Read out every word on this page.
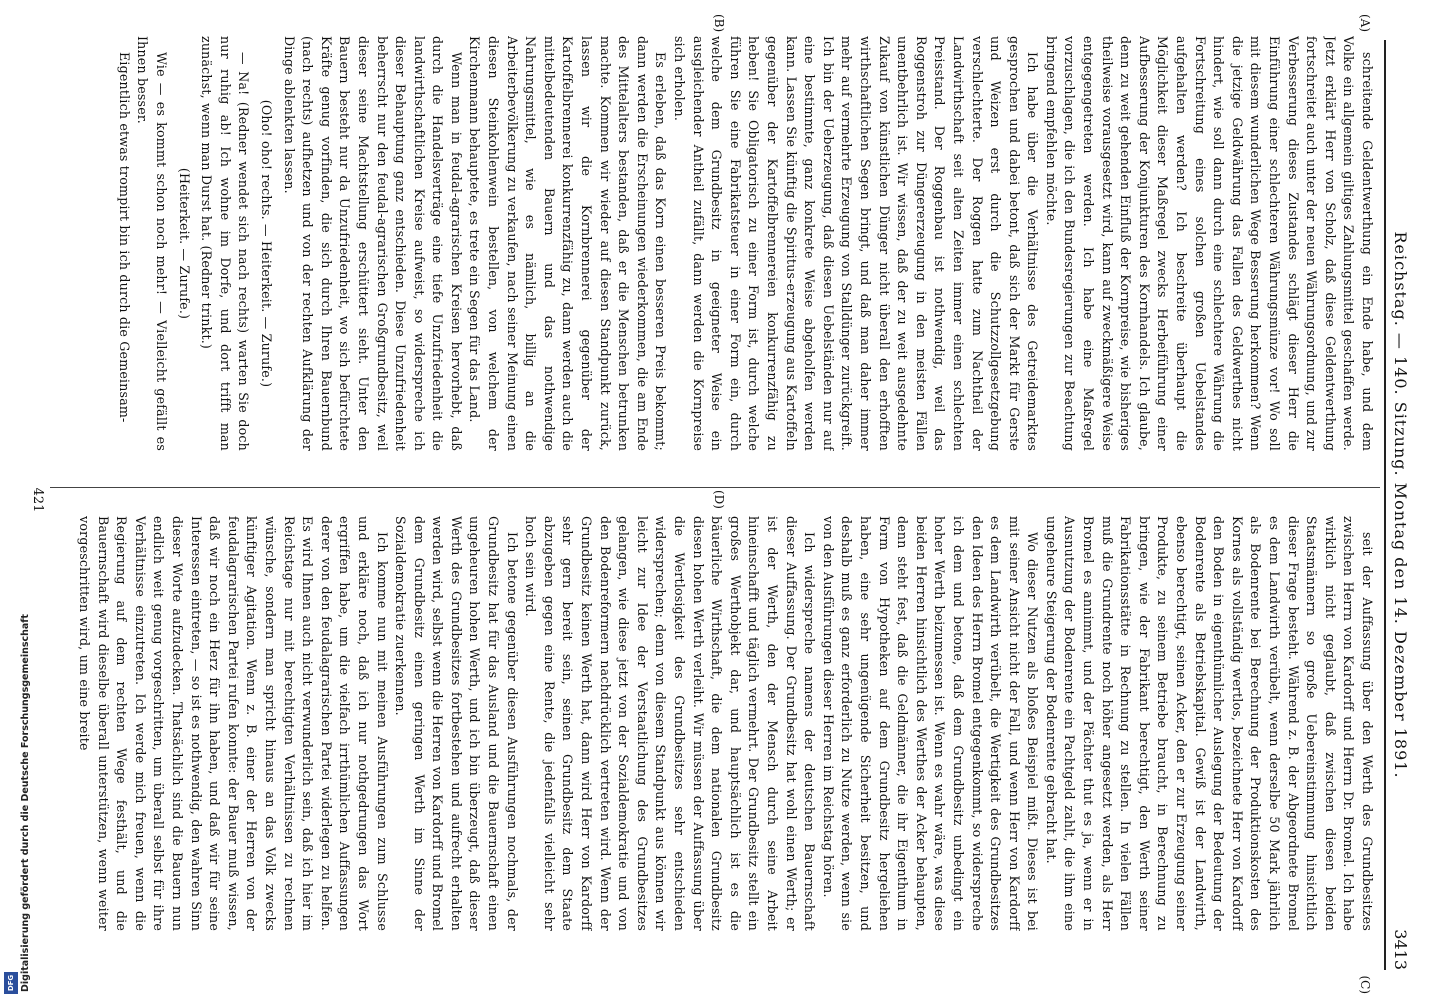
Reichstag. — 140. Sitzung. Montag den 14. Dezember 1891.
3413
(A)
(B)
(C)
(D)

schreitende Geldentwerthung ein Ende habe, und dem Volke ein allgemein giltiges Zahlungsmittel geschaffen werde. Jetzt erklärt Herr von Scholz, daß diese Geldentwerthung fortschreitet auch unter der neuen Währungsordnung, und zur Verbesserung dieses Zustandes schlägt dieser Herr die Einführung einer schlechteren Währungsmünze vor! Wo soll mit diesem wunderlichen Wege Besserung herkommen? Wenn die jetzige Geldwährung das Fallen des Geldwerthes nicht hindert, wie soll dann durch eine schlechtere Währung die Fortschreitung eines solchen großen Uebelstandes aufgehalten werden? Ich beschreite überhaupt die Möglichkeit dieser Maßregel zwecks Herbeiführung einer Aufbesserung der Konjunkturen des Kornhandels. Ich glaube, denn zu weit gehenden Einfluß der Kornpreise, wie bisheriges theilweise vorausgesetzt wird, kann auf zweckmäßigere Weise entgegengetreten werden. Ich habe eine Maßregel vorzuschlagen, die ich den Bundesregierungen zur Beachtung bringend empfehlen möchte.

Ich habe über die Verhältnisse des Getreidemarktes gesprochen und dabei betont, daß sich der Markt für Gerste und Weizen erst durch die Schutzzollgesetzgebung verschlechterte. Der Roggen hatte zum Nachtheil der Landwirthschaft seit alten Zeiten immer einen schlechten Preisstand. Der Roggenbau ist nothwendig, weil das Roggenstroh zur Düngererzeugung in den meisten Fällen unentbehrlich ist. Wir wissen, daß der zu weit ausgedehnte Zukauf von künstlichen Dünger nicht überall den erhofften wirthschaftlichen Segen bringt, und daß man daher immer mehr auf vermehrte Erzeugung von Stalldünger zurückgreift. Ich bin der Ueberzeugung, daß diesen Uebelständen nur auf eine bestimmte, ganz konkrete Weise abgeholfen werden kann. Lassen Sie künftig die Spiritus-erzeugung aus Kartoffeln gegenüber der Kartoffelbrennereien konkurrenzfähig zu heben! Sie Obligatorisch zu einer Form ist, durch welche führen Sie eine Fabrikatsteuer in einer Form ein, durch welche dem Grundbesitz in geeigneter Weise ein ausgleichender Antheil zufällt, dann werden die Kornpreise sich erholen.

Es erleben, daß das Korn einen besseren Preis bekommt; dann werden die Erscheinungen wiederkommen, die am Ende des Mittelalters bestanden, daß er die Menschen betrunken machte. Kommen wir wieder auf diesen Standpunkt zurück, lassen wir die Kornbrennerei gegenüber der Kartoffelbrennerei konkurrenzfähig zu, dann werden auch die mittelbedeutenden Bauern und das nothwendige Nahrungsmittel, wie es nämlich, billig an die Arbeiterbevölkerung zu verkaufen, nach seiner Meinung einen diesen Steinkohlenwein bestellen, von welchem der Kirchenmann behauptete, es trete ein Segen für das Land.

Wenn man in feudal-agrarischen Kreisen hervorhebt, daß durch die Handelsverträge eine tiefe Unzufriedenheit die landwirthschaftlichen Kreise aufweist, so widerspreche ich dieser Behauptung ganz entschieden. Diese Unzufriedenheit beherrscht nur den feudal-agrarischen Großgrundbesitz, weil dieser seine Machtstellung erschüttert sieht. Unter den Bauern besteht nur da Unzufriedenheit, wo sich befürchtete Kräfte genug vorfinden, die sich durch Ihren Bauernbund (nach rechts) aufhetzen und von der rechten Aufklärung der Dinge ablenkten lassen.

(Oho! oho! rechts. — Heiterkeit. — Zurufe.)

— Na! (Redner wendet sich nach rechts) warten Sie doch nur ruhig ab! Ich wohne im Dorfe, und dort trifft man zunächst, wenn man Durst hat. (Redner trinkt.)

(Heiterkeit. — Zurufe.)

Wie — es kommt schon noch mehr! — Vielleicht gefällt es Ihnen besser.

Eigentlich etwas trompirt bin ich durch die Gemeinsam-

seit der Auffassung über den Werth des Grundbesitzes zwischen Herrn von Kardorff und Herrn Dr. Bromel. Ich habe wirklich nicht geglaubt, daß zwischen diesen beiden Staatsmännern so große Uebereinstimmung hinsichtlich dieser Frage besteht. Während z. B. der Abgeordnete Bromel es dem Landwirth verübelt, wenn derselbe 50 Mark jährlich als Bodenrente bei Berechnung der Produktionskosten des Kornes als vollständig wertlos, bezeichnete Herr von Kardorff den Boden in eigenthümlicher Auslegung der Bedeutung der Bodenrente als Betriebskapital. Gewiß ist der Landwirth, ebenso berechtigt, seinen Acker, den er zur Erzeugung seiner Produkte, zu seinem Betriebe braucht, in Berechnung zu bringen, wie der Fabrikant berechtigt, den Werth seiner Fabrikationsstätte in Rechnung zu stellen. In vielen Fällen muß die Grundrente noch höher angesetzt werden, als Herr Bromel es annimmt, und der Pächter thut es ja, wenn er in Ausnutzung der Bodenrente ein Pachtgeld zahlt, die ihm eine ungeheure Steigerung der Bodenrente gebracht hat.

Wo dieser Nutzen als bloßes Beispiel mißt. Dieses ist bei mit seiner Ansicht nicht der Fall, und wenn Herr von Kardorff es dem Landwirth verübelt, die Wertigkeit des Grundbesitzes den Ideen des Herrn Bromel entgegenkommt, so widerspreche ich dem und betone, daß dem Grundbesitz unbedingt ein hoher Werth beizumessen ist. Wenn es wahr wäre, was diese beiden Herren hinsichtlich des Werthes der Acker behaupten, denn steht fest, daß die Geldmänner, die ihr Eigenthum in Form von Hypotheken auf dem Grundbesitz hergeliehen haben, eine sehr ungenügende Sicherheit besitzen, und deshalb muß es ganz erforderlich zu Nutze werden, wenn sie von den Ausführungen dieser Herren im Reichstag hören.

Ich widerspreche namens der deutschen Bauernschaft dieser Auffassung. Der Grundbesitz hat wohl einen Werth; er ist der Werth, den der Mensch durch seine Arbeit hineinschafft und täglich vermehrt. Der Grundbesitz stellt ein großes Werthobjekt dar, und hauptsächlich ist es die bäuerliche Wirthschaft, die dem nationalen Grundbesitz diesen hohen Werth verleiht. Wir müssen der Auffassung über die Wertlosigkeit des Grundbesitzes sehr entschieden widersprechen; denn von diesem Standpunkt aus können wir leicht zur Idee der Verstaatlichung des Grundbesitzes gelangen, wie diese jetzt von der Sozialdemokratie und von den Bodenreformern nachdrücklich vertreten wird. Wenn der Grundbesitz keinen Werth hat, dann wird Herr von Kardorff sehr gern bereit sein, seinen Grundbesitz dem Staate abzugeben gegen eine Rente, die jedenfalls vielleicht sehr hoch sein wird.

Ich betone gegenüber diesen Ausführungen nochmals, der Grundbesitz hat für das Ausland und die Bauernschaft einen ungeheuren hohen Werth, und ich bin überzeugt, daß dieser Werth des Grundbesitzes fortbestehen und aufrecht erhalten werden wird, selbst wenn die Herren von Kardorff und Bromel dem Grundbesitz einen geringen Werth im Sinne der Sozialdemokratie zuerkennen.

Ich komme nun mit meinen Ausführungen zum Schlusse und erkläre noch, daß ich nur nothgedrungen das Wort ergriffen habe, um die vielfach irrthümlichen Auffassungen derer von den feudalagrarischen Partei widerlegen zu helfen. Es wird Ihnen auch nicht verwunderlich sein, daß ich hier im Reichstage nur mit berechtigten Verhältnissen zu rechnen wünsche, sondern man spricht hinaus an das Volk zwecks künftiger Agitation. Wenn z. B. einer der Herren von der feudalagrarischen Partei rufen konnte: der Bauer muß wissen, daß wir noch ein Herz für ihn haben, und daß wir für seine Interessen eintreten, — so ist es nothwendig, den wahren Sinn dieser Worte aufzudecken. Thatsächlich sind die Bauern nun endlich weit genug vorgeschritten, um überall selbst für ihre Verhältnisse einzutreten. Ich werde mich freuen, wenn die Regierung auf dem rechten Wege festhält, und die Bauernschaft wird dieselbe überall unterstützen, wenn weiter vorgeschritten wird, um eine breite

421
Digitalisierung gefördert durch die Deutsche Forschungsgemeinschaft
DFG
